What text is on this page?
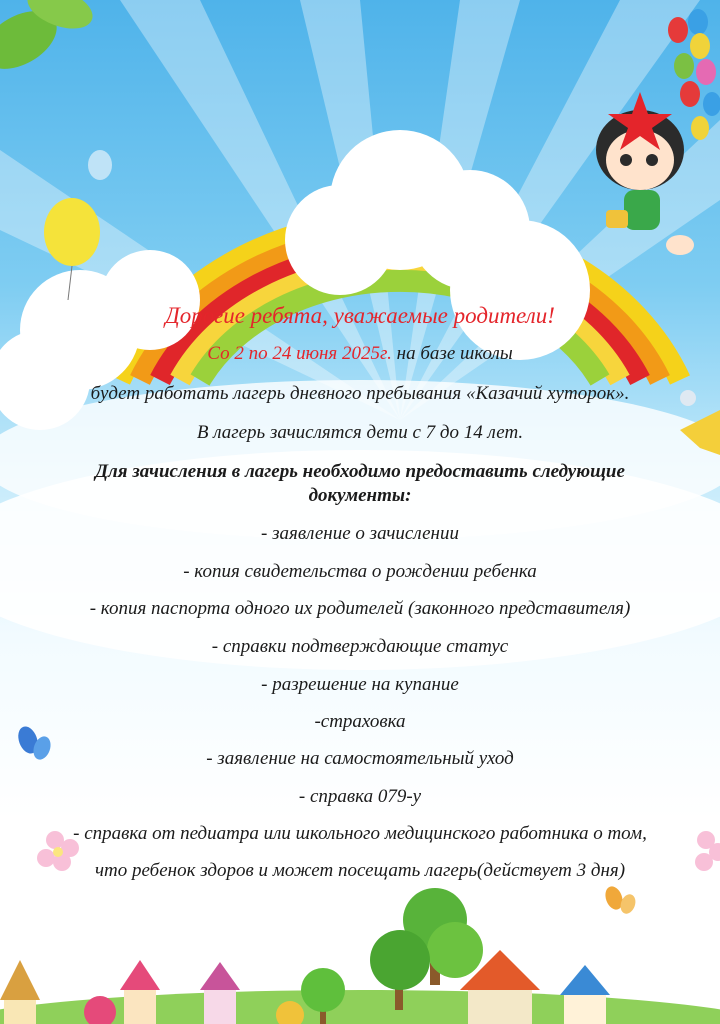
Дорогие ребята, уважаемые родители!
Со 2 по 24 июня 2025г. на базе школы
будет работать лагерь дневного пребывания «Казачий хуторок».
В лагерь зачислятся дети с 7 до 14 лет.
Для зачисления в лагерь необходимо предоставить следующие
документы:
- заявление о зачислении
- копия свидетельства о рождении ребенка
- копия паспорта одного их родителей (законного представителя)
- справки подтверждающие статус
- разрешение на купание
-страховка
- заявление на самостоятельный уход
- справка 079-у
- справка от педиатра или школьного медицинского работника о том,
что ребенок здоров и может посещать лагерь(действует 3 дня)
